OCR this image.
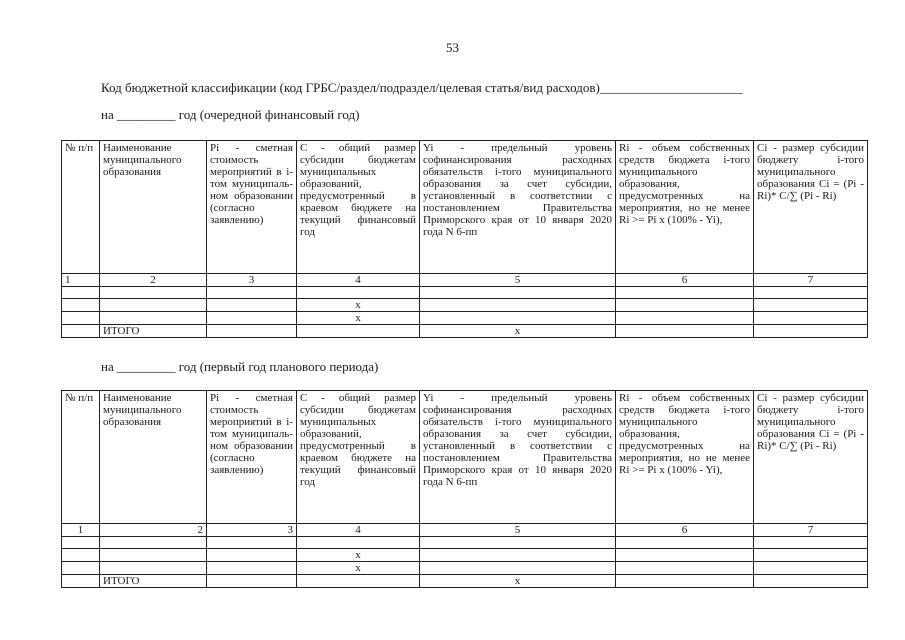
53
Код бюджетной классификации (код ГРБС/раздел/подраздел/целевая статья/вид расходов)______________________
на _________ год (очередной финансовый год)
№ п/п	Наименование муниципального образования	Pi - сметная стоимость мероприятий в i-том муниципаль-ном образовании (согласно заявлению)	C - общий размер субсидии бюджетам муниципальных образований, предусмотренный в краевом бюджете на текущий финансовый год	Yi - предельный уровень софинансирования расходных обязательств i-того муниципального образования за счет субсидии, установленный в соответствии с постановлением Правительства Приморского края от 10 января 2020 года N 6-пп	Ri - объем собственных средств бюджета i-того муниципального образования, предусмотренных на мероприятия, но не менее Ri >= Pi x (100% - Yi),	Ci - размер субсидии бюджету i-того муниципального образования Ci = (Pi - Ri)* C/∑ (Pi - Ri)
1	2	3	4	5	6	7

			x			
			x			
	ИТОГО			x		
на _________ год (первый год планового периода)
№ п/п	Наименование муниципального образования	Pi - сметная стоимость мероприятий в i-том муниципаль-ном образовании (согласно заявлению)	C - общий размер субсидии бюджетам муниципальных образований, предусмотренный в краевом бюджете на текущий финансовый год	Yi - предельный уровень софинансирования расходных обязательств i-того муниципального образования за счет субсидии, установленный в соответствии с постановлением Правительства Приморского края от 10 января 2020 года N 6-пп	Ri - объем собственных средств бюджета i-того муниципального образования, предусмотренных на мероприятия, но не менее Ri >= Pi x (100% - Yi),	Ci - размер субсидии бюджету i-того муниципального образования Ci = (Pi - Ri)* C/∑ (Pi - Ri)
1	2	3	4	5	6	7

			x			
			x			
	ИТОГО			x		
